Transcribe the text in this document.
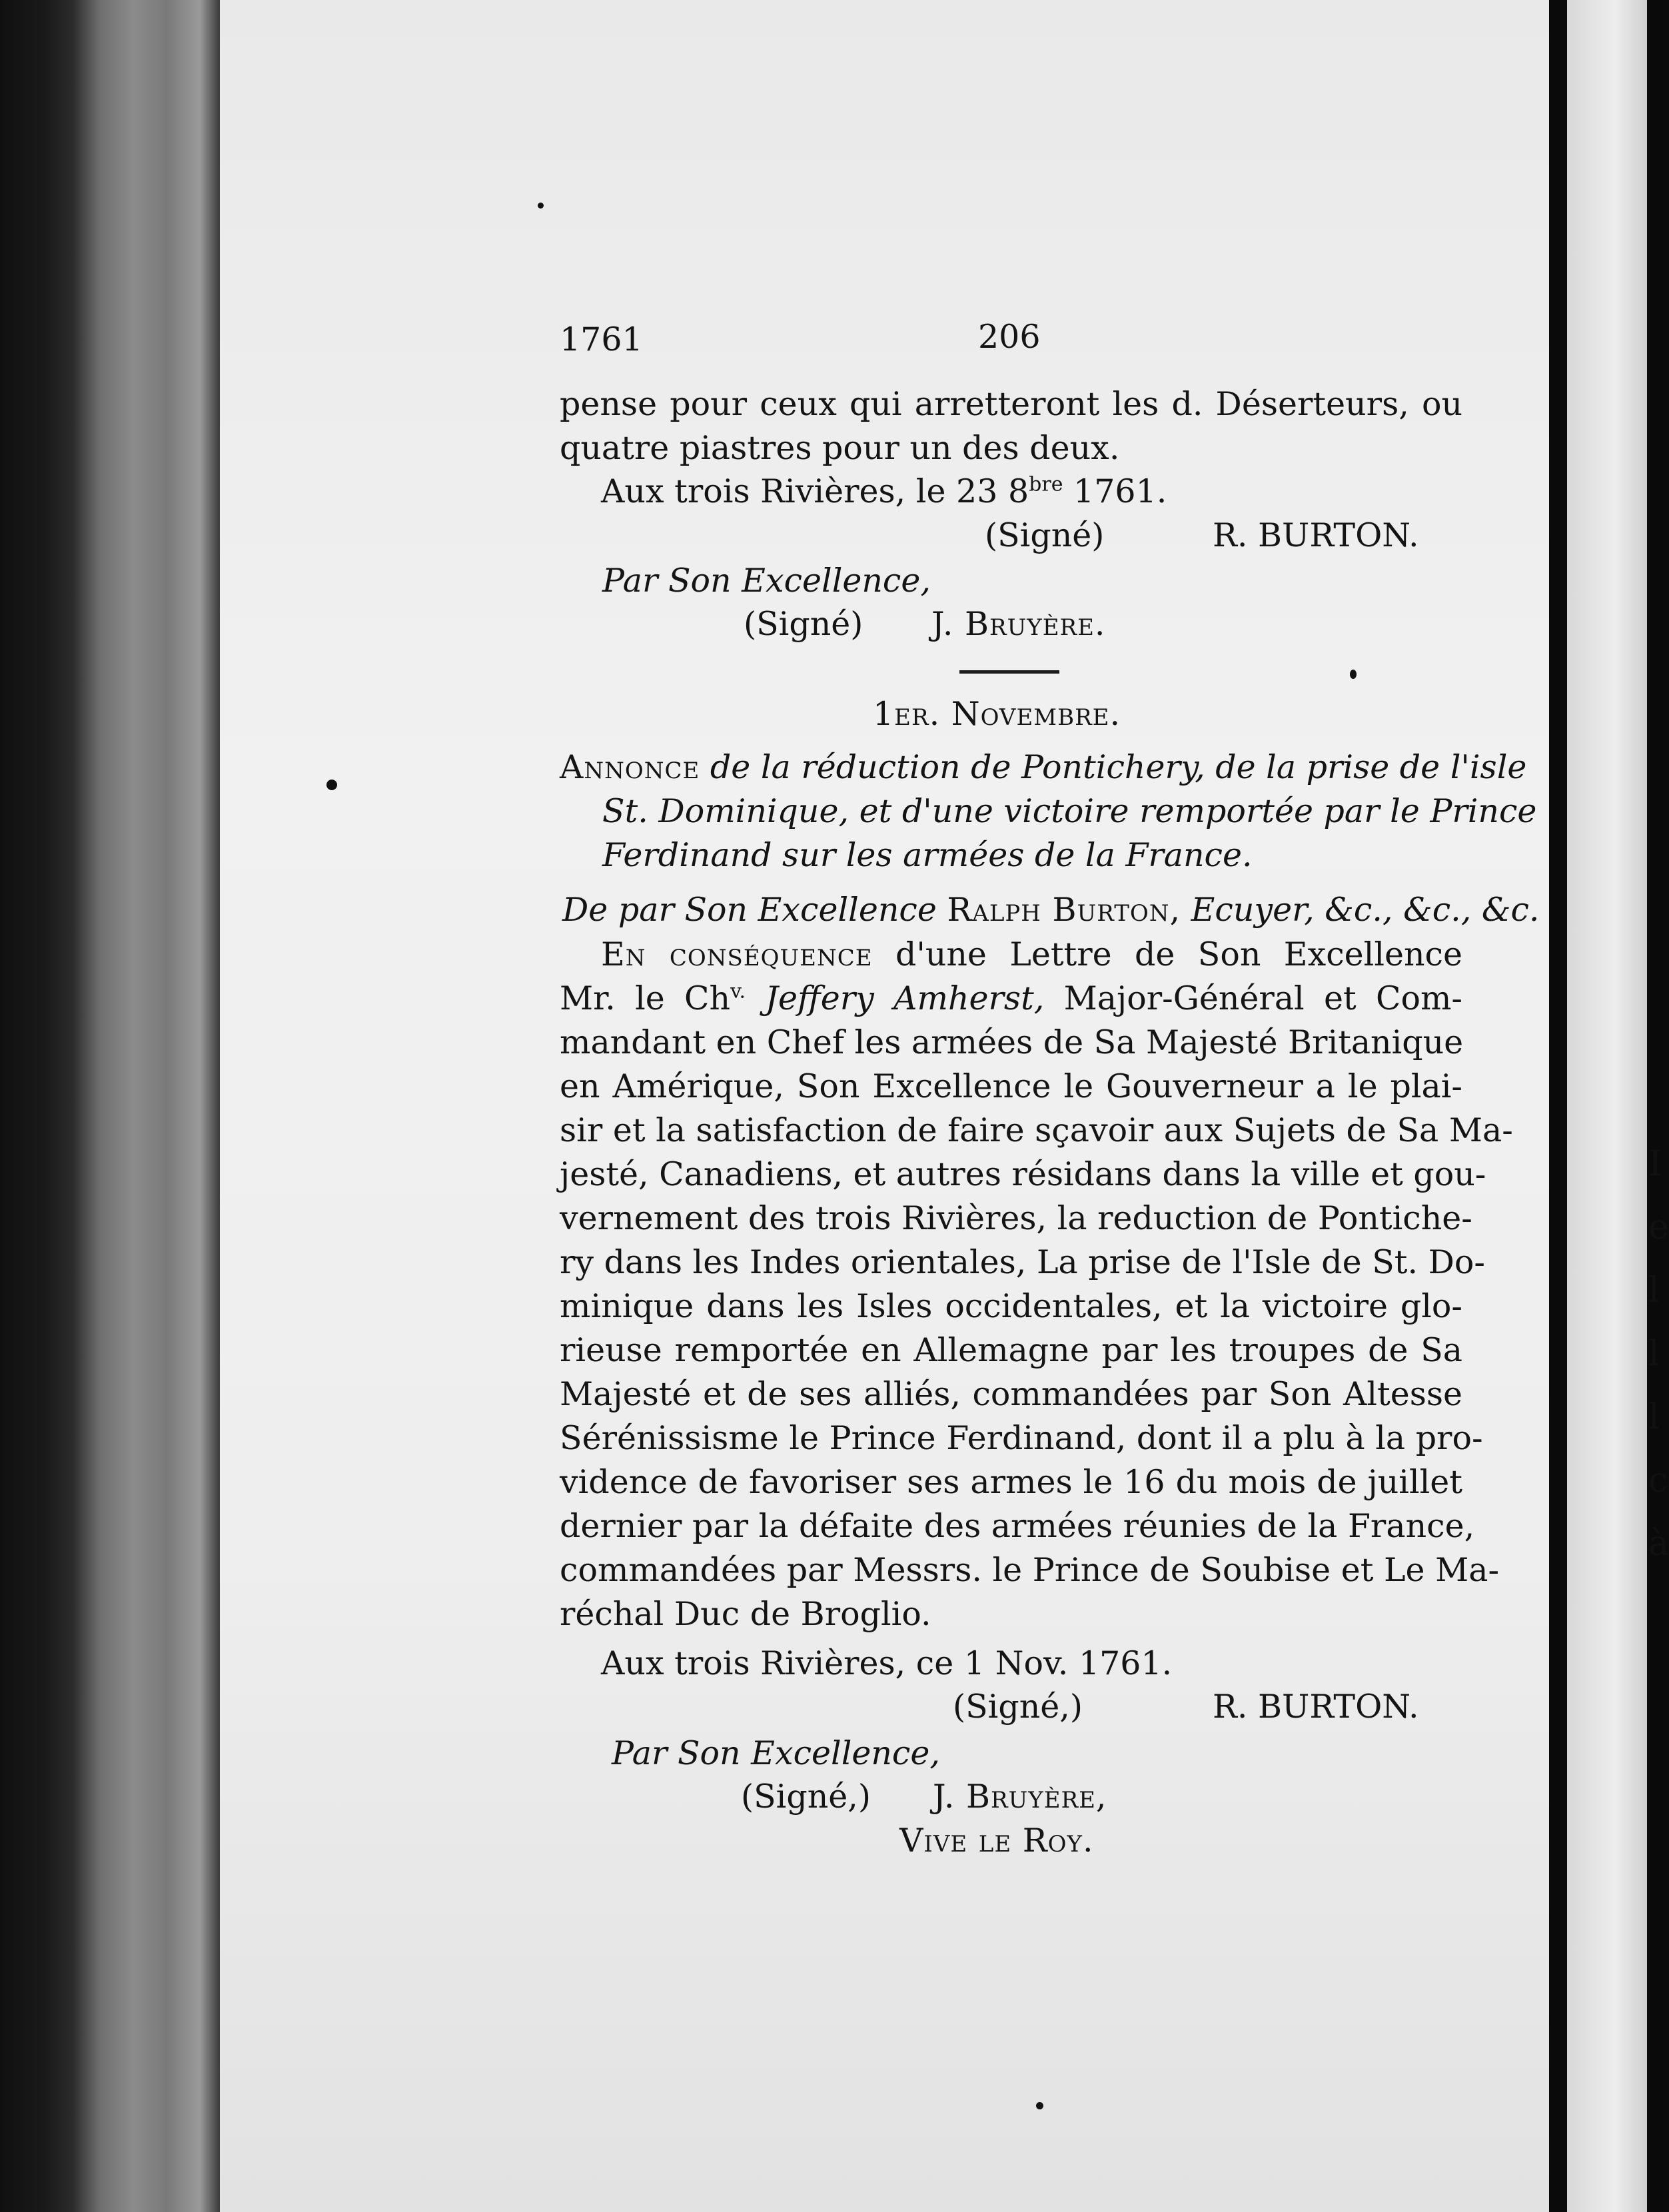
I
e
l
l
l
c
à
1761	206
pense pour ceux qui arretteront les d. Déserteurs, ou
quatre piastres pour un des deux.
Aux trois Rivières, le 23 $8^{bre}$ 1761.
(Signé)	R. BURTON.
Par Son Excellence,
(Signé) J. Bruyère.
1er. Novembre.
Annonce de la réduction de Pontichery, de la prise de l'isle
St. Dominique, et d'une victoire remportée par le Prince
Ferdinand sur les armées de la France.
De par Son Excellence Ralph Burton, Ecuyer, &c., &c., &c.
En conséquence d'une Lettre de Son Excellence
Mr. le $Ch^{v.}$ Jeffery Amherst, Major-Général et Com-
mandant en Chef les armées de Sa Majesté Britanique
en Amérique, Son Excellence le Gouverneur a le plai-
sir et la satisfaction de faire sçavoir aux Sujets de Sa Ma-
jesté, Canadiens, et autres résidans dans la ville et gou-
vernement des trois Rivières, la reduction de Pontiche-
ry dans les Indes orientales, La prise de l'Isle de St. Do-
minique dans les Isles occidentales, et la victoire glo-
rieuse remportée en Allemagne par les troupes de Sa
Majesté et de ses alliés, commandées par Son Altesse
Sérénissisme le Prince Ferdinand, dont il a plu à la pro-
vidence de favoriser ses armes le 16 du mois de juillet
dernier par la défaite des armées réunies de la France,
commandées par Messrs. le Prince de Soubise et Le Ma-
réchal Duc de Broglio.
Aux trois Rivières, ce 1 Nov. 1761.
(Signé,)	R. BURTON.
Par Son Excellence,
(Signé,) J. Bruyère,
Vive le Roy.
